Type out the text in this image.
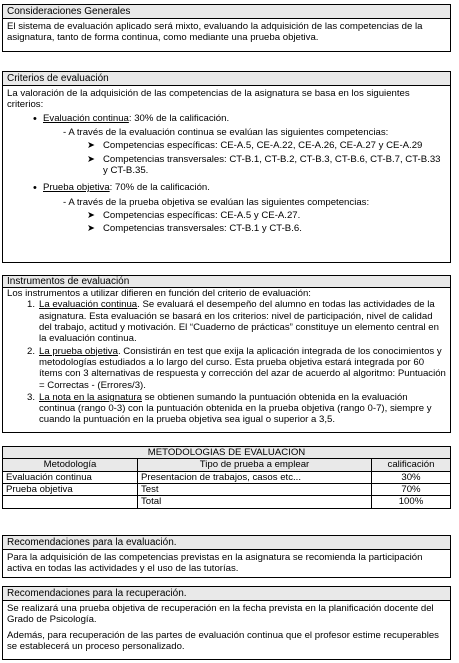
Consideraciones Generales

El sistema de evaluación aplicado será mixto, evaluando la adquisición de las competencias de la asignatura, tanto de forma continua, como mediante una prueba objetiva.

Criterios de evaluación

La valoración de la adquisición de las competencias de la asignatura se basa en los siguientes criterios:

• Evaluación continua: 30% de la calificación.
- A través de la evaluación continua se evalúan las siguientes competencias:
➤ Competencias específicas: CE-A.5, CE-A.22, CE-A.26, CE-A.27 y CE-A.29
➤ Competencias transversales: CT-B.1, CT-B.2, CT-B.3, CT-B.6, CT-B.7, CT-B.33 y CT-B.35.
• Prueba objetiva: 70% de la calificación.
- A través de la prueba objetiva se evalúan las siguientes competencias:
➤ Competencias específicas: CE-A.5 y CE-A.27.
➤ Competencias transversales: CT-B.1 y CT-B.6.
Instrumentos de evaluación

Los instrumentos a utilizar difieren en función del criterio de evaluación:

1. La evaluación continua. Se evaluará el desempeño del alumno en todas las actividades de la asignatura. Esta evaluación se basará en los criterios: nivel de participación, nivel de calidad del trabajo, actitud y motivación. El “Cuaderno de prácticas” constituye un elemento central en la evaluación continua.
2. La prueba objetiva. Consistirán en test que exija la aplicación integrada de los conocimientos y metodologías estudiados a lo largo del curso. Esta prueba objetiva estará integrada por 60 ítems con 3 alternativas de respuesta y corrección del azar de acuerdo al algoritmo: Puntuación = Correctas - (Errores/3).
3. La nota en la asignatura se obtienen sumando la puntuación obtenida en la evaluación continua (rango 0-3) con la puntuación obtenida en la prueba objetiva (rango 0-7), siempre y cuando la puntuación en la prueba objetiva sea igual o superior a 3,5.
METODOLOGIAS DE EVALUACION		
Metodología	Tipo de prueba a emplear	calificación
Evaluación continua	Presentacion de trabajos, casos etc...	30%
Prueba objetiva	Test	70%
	Total	100%
Recomendaciones para la evaluación.

Para la adquisición de las competencias previstas en la asignatura se recomienda la participación activa en todas las actividades y el uso de las tutorías.

Recomendaciones para la recuperación.

Se realizará una prueba objetiva de recuperación en la fecha prevista en la planificación docente del Grado de Psicología.

Además, para recuperación de las partes de evaluación continua que el profesor estime recuperables se establecerá un proceso personalizado.
